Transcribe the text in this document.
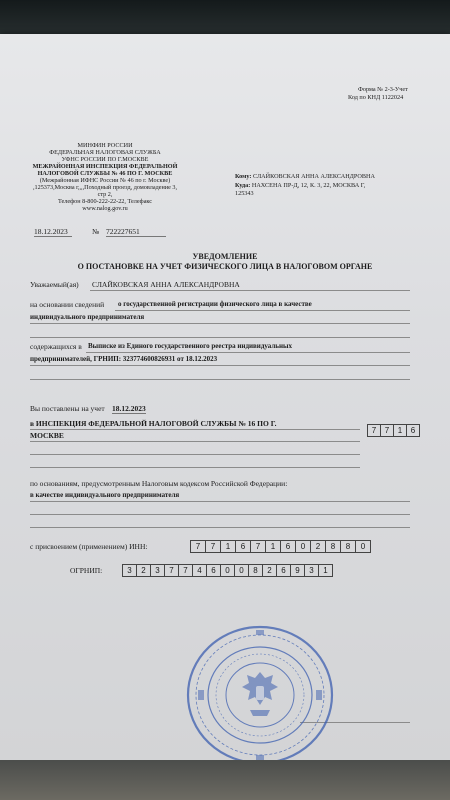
Форма № 2-3-Учет
Код по КНД 1122024
МИНФИН РОССИИ
ФЕДЕРАЛЬНАЯ НАЛОГОВАЯ СЛУЖБА
УФНС РОССИИ ПО Г.МОСКВЕ
МЕЖРАЙОННАЯ ИНСПЕКЦИЯ ФЕДЕРАЛЬНОЙ
НАЛОГОВОЙ СЛУЖБЫ № 46 ПО Г. МОСКВЕ
(Межрайонная ИФНС России № 46 по г. Москве)
,125373,Москва г,,,,Походный проезд, домовладение 3,
стр 2,
Телефон 8-800-222-22-22, Телефакс
www.nalog.gov.ru
Кому: СЛАЙКОВСКАЯ АННА АЛЕКСАНДРОВНА
Куда: НАХСЕНА ПР-Д, 12, К. 3, 22, МОСКВА Г,
125343
18.12.2023	№ 722227651
УВЕДОМЛЕНИЕ
О ПОСТАНОВКЕ НА УЧЕТ ФИЗИЧЕСКОГО ЛИЦА В НАЛОГОВОМ ОРГАНЕ
Уважаемый(ая) СЛАЙКОВСКАЯ АННА АЛЕКСАНДРОВНА
на основании сведений о государственной регистрации физического лица в качестве
индивидуального предпринимателя
содержащихся в Выписке из Единого государственного реестра индивидуальных
предпринимателей, ГРНИП: 323774600826931 от 18.12.2023
Вы поставлены на учет 18.12.2023
в ИНСПЕКЦИЯ ФЕДЕРАЛЬНОЙ НАЛОГОВОЙ СЛУЖБЫ № 16 ПО Г.
МОСКВЕ
7	7	1	6
по основаниям, предусмотренным Налоговым кодексом Российской Федерации:
в качестве индивидуального предпринимателя
с присвоением (применением) ИНН:	7	7	1	6	7	1	6	0	2	8	8	0
ОГРНИП:	3	2	3	7	7	4	6	0	0	8	2	6	9	3	1
